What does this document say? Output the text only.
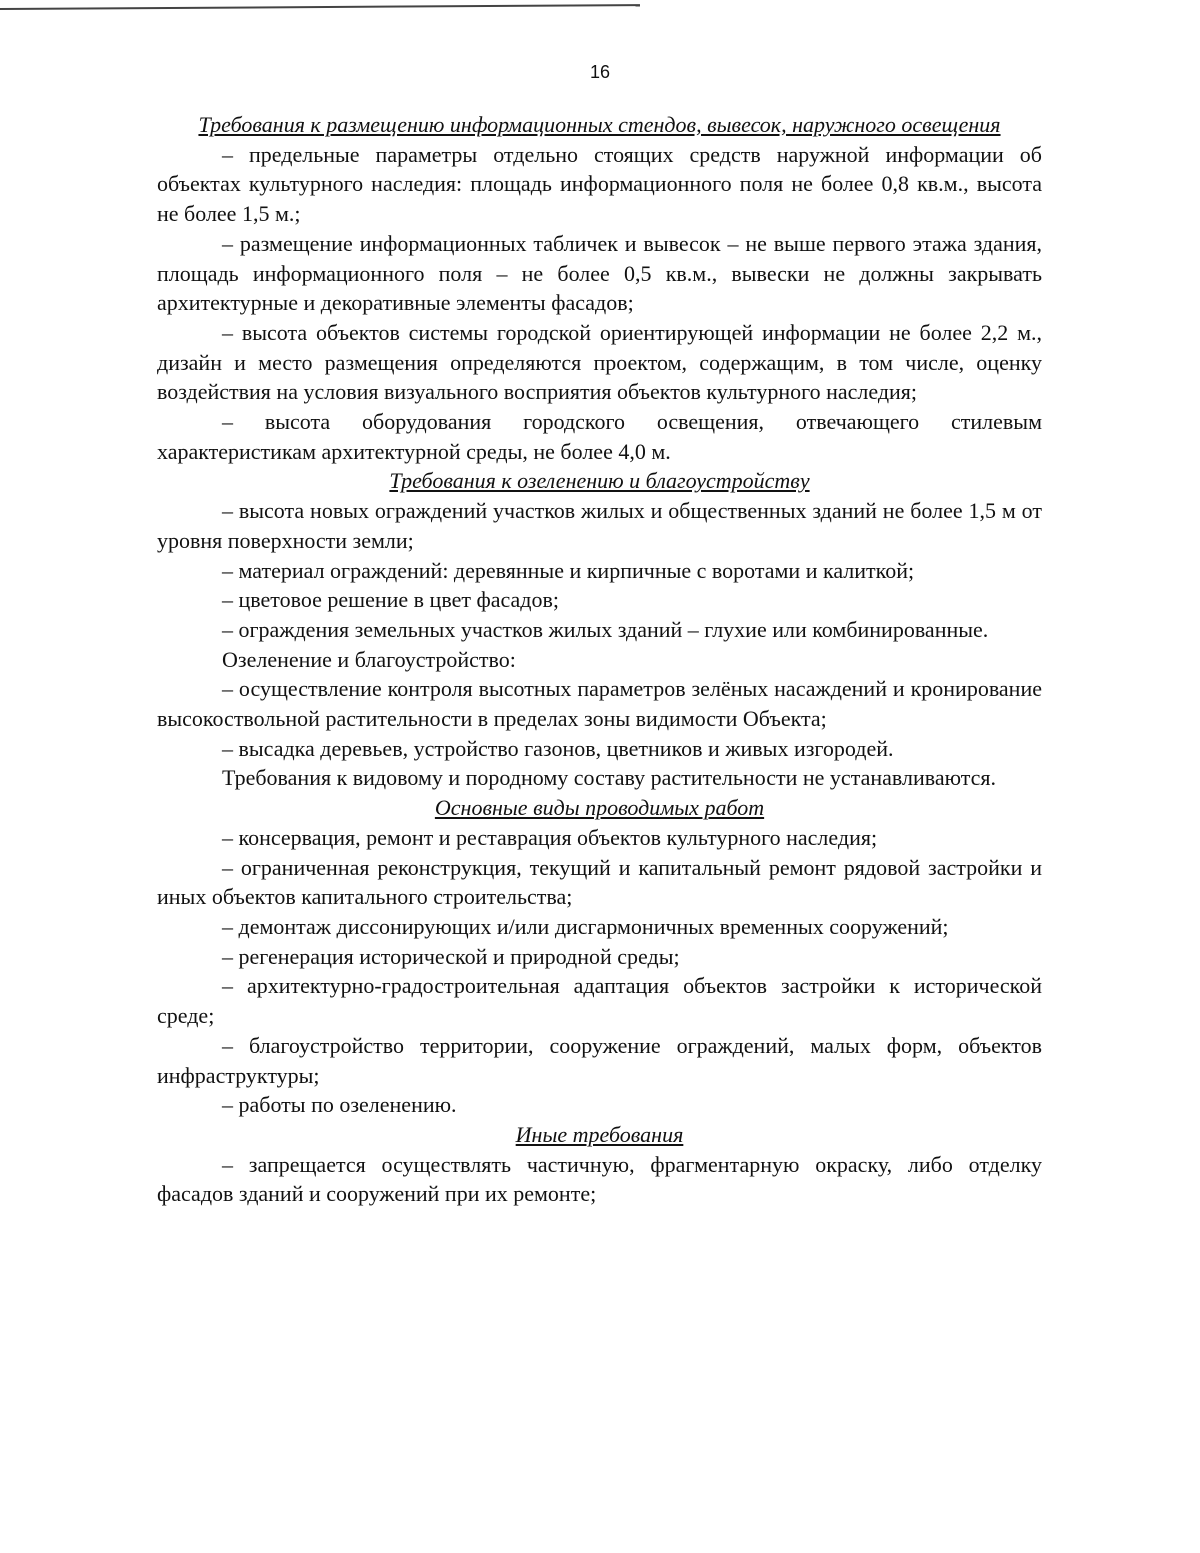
16

Требования к размещению информационных стендов, вывесок, наружного освещения

– предельные параметры отдельно стоящих средств наружной информации об объектах культурного наследия: площадь информационного поля не более 0,8 кв.м., высота не более 1,5 м.;

– размещение информационных табличек и вывесок – не выше первого этажа здания, площадь информационного поля – не более 0,5 кв.м., вывески не должны закрывать архитектурные и декоративные элементы фасадов;

– высота объектов системы городской ориентирующей информации не более 2,2 м., дизайн и место размещения определяются проектом, содержащим, в том числе, оценку воздействия на условия визуального восприятия объектов культурного наследия;

– высота оборудования городского освещения, отвечающего стилевым характеристикам архитектурной среды, не более 4,0 м.

Требования к озеленению и благоустройству

– высота новых ограждений участков жилых и общественных зданий не более 1,5 м от уровня поверхности земли;

– материал ограждений: деревянные и кирпичные с воротами и калиткой;

– цветовое решение в цвет фасадов;

– ограждения земельных участков жилых зданий – глухие или комбинированные.

Озеленение и благоустройство:

– осуществление контроля высотных параметров зелёных насаждений и кронирование высокоствольной растительности в пределах зоны видимости Объекта;

– высадка деревьев, устройство газонов, цветников и живых изгородей.

Требования к видовому и породному составу растительности не устанавливаются.

Основные виды проводимых работ

– консервация, ремонт и реставрация объектов культурного наследия;

– ограниченная реконструкция, текущий и капитальный ремонт рядовой застройки и иных объектов капитального строительства;

– демонтаж диссонирующих и/или дисгармоничных временных сооружений;

– регенерация исторической и природной среды;

– архитектурно-градостроительная адаптация объектов застройки к исторической среде;

– благоустройство территории, сооружение ограждений, малых форм, объектов инфраструктуры;

– работы по озеленению.

Иные требования

– запрещается осуществлять частичную, фрагментарную окраску, либо отделку фасадов зданий и сооружений при их ремонте;
